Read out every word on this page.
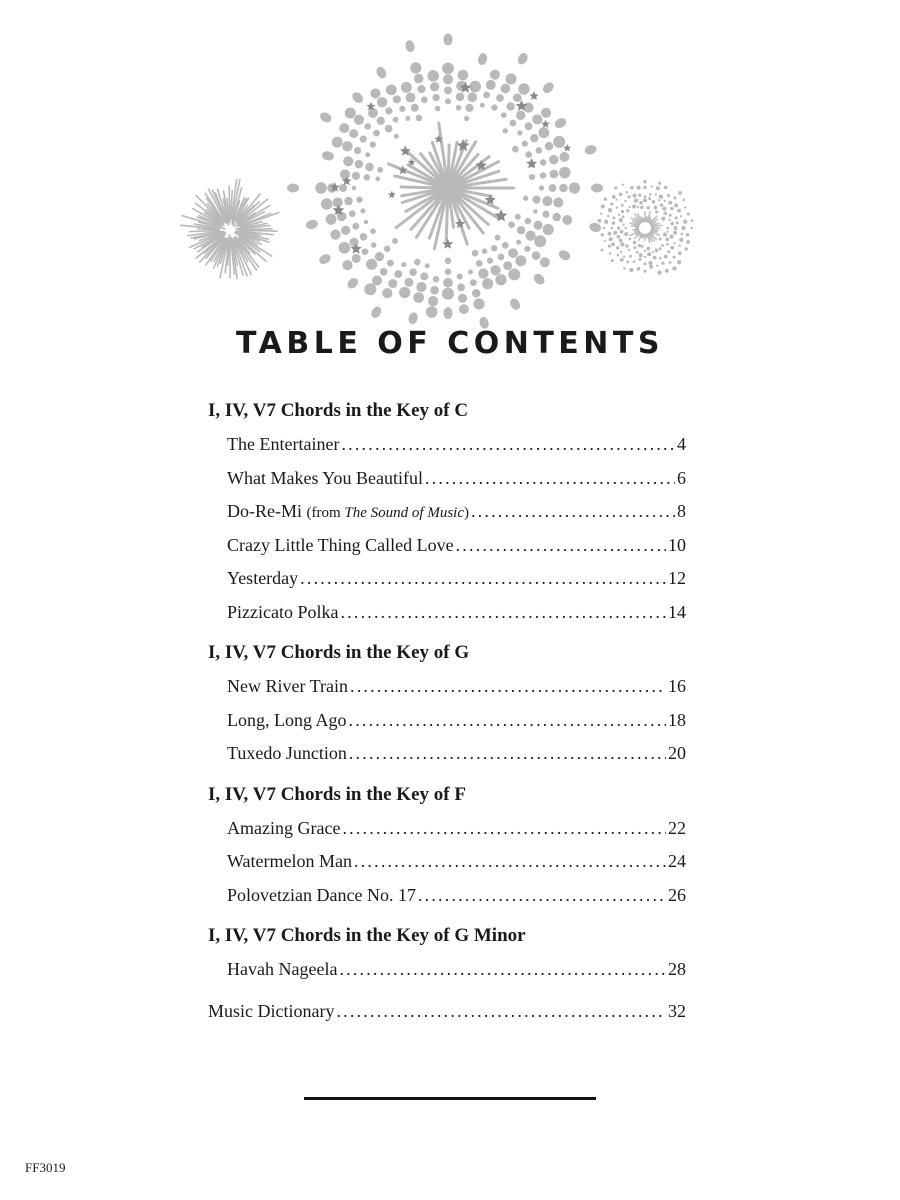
TABLE OF CONTENTS
I, IV, V7 Chords in the Key of C
The Entertainer .....	4
What Makes You Beautiful .....	6
Do-Re-Mi (from The Sound of Music) .....	8
Crazy Little Thing Called Love .....	10
Yesterday .....	12
Pizzicato Polka .....	14
I, IV, V7 Chords in the Key of G
New River Train .....	16
Long, Long Ago .....	18
Tuxedo Junction .....	20
I, IV, V7 Chords in the Key of F
Amazing Grace .....	22
Watermelon Man .....	24
Polovetzian Dance No. 17 .....	26
I, IV, V7 Chords in the Key of G Minor
Havah Nageela .....	28
Music Dictionary .....	32
FF3019
